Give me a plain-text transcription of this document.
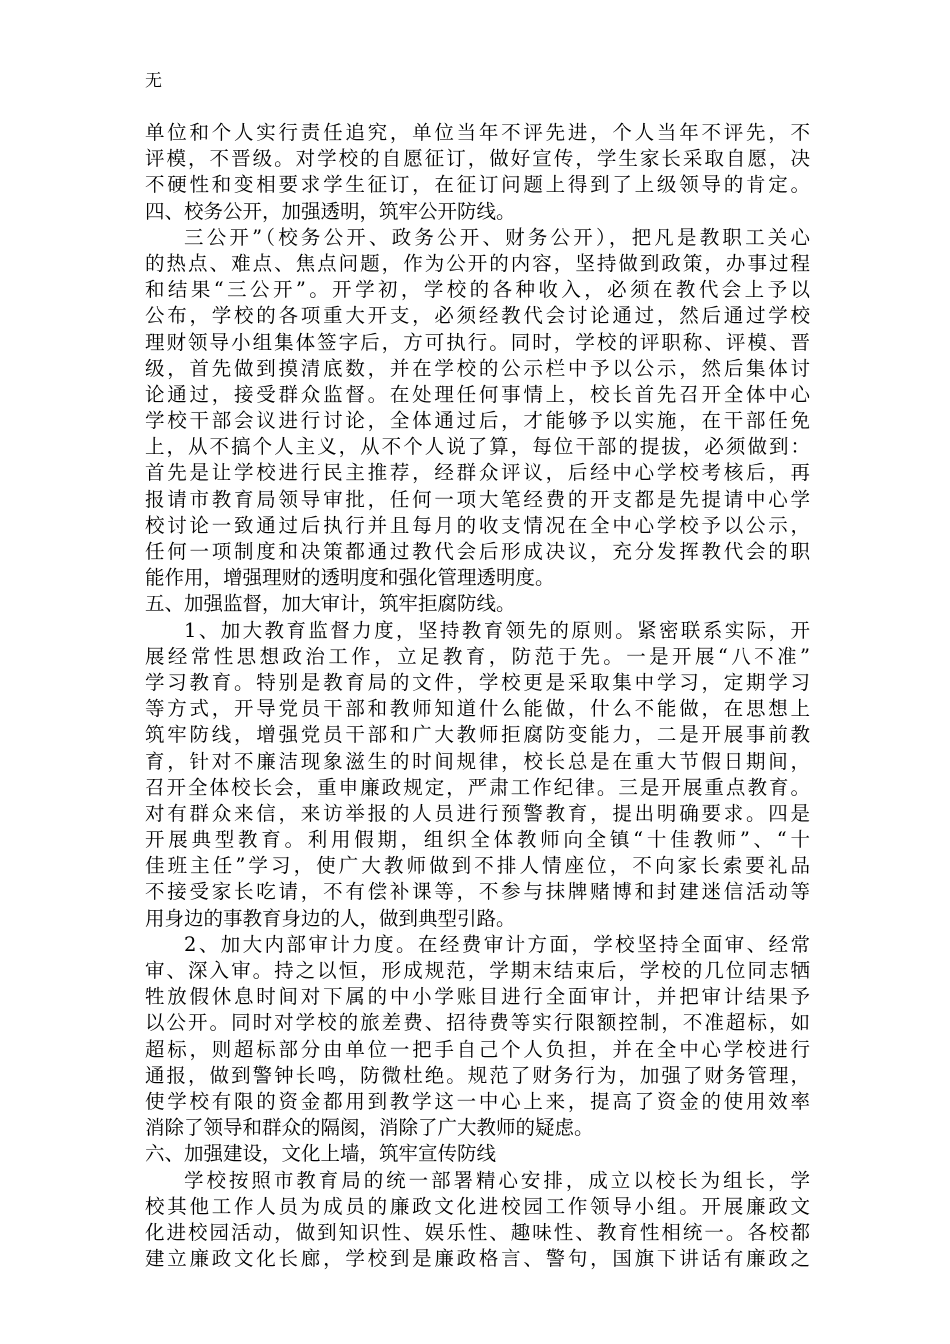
无
单位和个人实行责任追究，单位当年不评先进，个人当年不评先，不
评模，不晋级。对学校的自愿征订，做好宣传，学生家长采取自愿，决
不硬性和变相要求学生征订，在征订问题上得到了上级领导的肯定。
四、校务公开，加强透明，筑牢公开防线。
三公开”（校务公开、政务公开、财务公开），把凡是教职工关心
的热点、难点、焦点问题，作为公开的内容，坚持做到政策，办事过程
和结果“三公开”。开学初，学校的各种收入，必须在教代会上予以
公布，学校的各项重大开支，必须经教代会讨论通过，然后通过学校
理财领导小组集体签字后，方可执行。同时，学校的评职称、评模、晋
级，首先做到摸清底数，并在学校的公示栏中予以公示，然后集体讨
论通过，接受群众监督。在处理任何事情上，校长首先召开全体中心
学校干部会议进行讨论，全体通过后，才能够予以实施，在干部任免
上，从不搞个人主义，从不个人说了算，每位干部的提拔，必须做到：
首先是让学校进行民主推荐，经群众评议，后经中心学校考核后，再
报请市教育局领导审批，任何一项大笔经费的开支都是先提请中心学
校讨论一致通过后执行并且每月的收支情况在全中心学校予以公示，
任何一项制度和决策都通过教代会后形成决议，充分发挥教代会的职
能作用，增强理财的透明度和强化管理透明度。
五、加强监督，加大审计，筑牢拒腐防线。
1、加大教育监督力度，坚持教育领先的原则。紧密联系实际，开
展经常性思想政治工作，立足教育，防范于先。一是开展“八不准”
学习教育。特别是教育局的文件，学校更是采取集中学习，定期学习
等方式，开导党员干部和教师知道什么能做，什么不能做，在思想上
筑牢防线，增强党员干部和广大教师拒腐防变能力，二是开展事前教
育，针对不廉洁现象滋生的时间规律，校长总是在重大节假日期间，
召开全体校长会，重申廉政规定，严肃工作纪律。三是开展重点教育。
对有群众来信，来访举报的人员进行预警教育，提出明确要求。四是
开展典型教育。利用假期，组织全体教师向全镇“十佳教师”、“十
佳班主任”学习，使广大教师做到不排人情座位，不向家长索要礼品
不接受家长吃请，不有偿补课等，不参与抹牌赌博和封建迷信活动等
用身边的事教育身边的人，做到典型引路。
2、加大内部审计力度。在经费审计方面，学校坚持全面审、经常
审、深入审。持之以恒，形成规范，学期末结束后，学校的几位同志牺
牲放假休息时间对下属的中小学账目进行全面审计，并把审计结果予
以公开。同时对学校的旅差费、招待费等实行限额控制，不准超标，如
超标，则超标部分由单位一把手自己个人负担，并在全中心学校进行
通报，做到警钟长鸣，防微杜绝。规范了财务行为，加强了财务管理，
使学校有限的资金都用到教学这一中心上来，提高了资金的使用效率
消除了领导和群众的隔阂，消除了广大教师的疑虑。
六、加强建设，文化上墙，筑牢宣传防线
学校按照市教育局的统一部署精心安排，成立以校长为组长，学
校其他工作人员为成员的廉政文化进校园工作领导小组。开展廉政文
化进校园活动，做到知识性、娱乐性、趣味性、教育性相统一。各校都
建立廉政文化长廊，学校到是廉政格言、警句，国旗下讲话有廉政之
